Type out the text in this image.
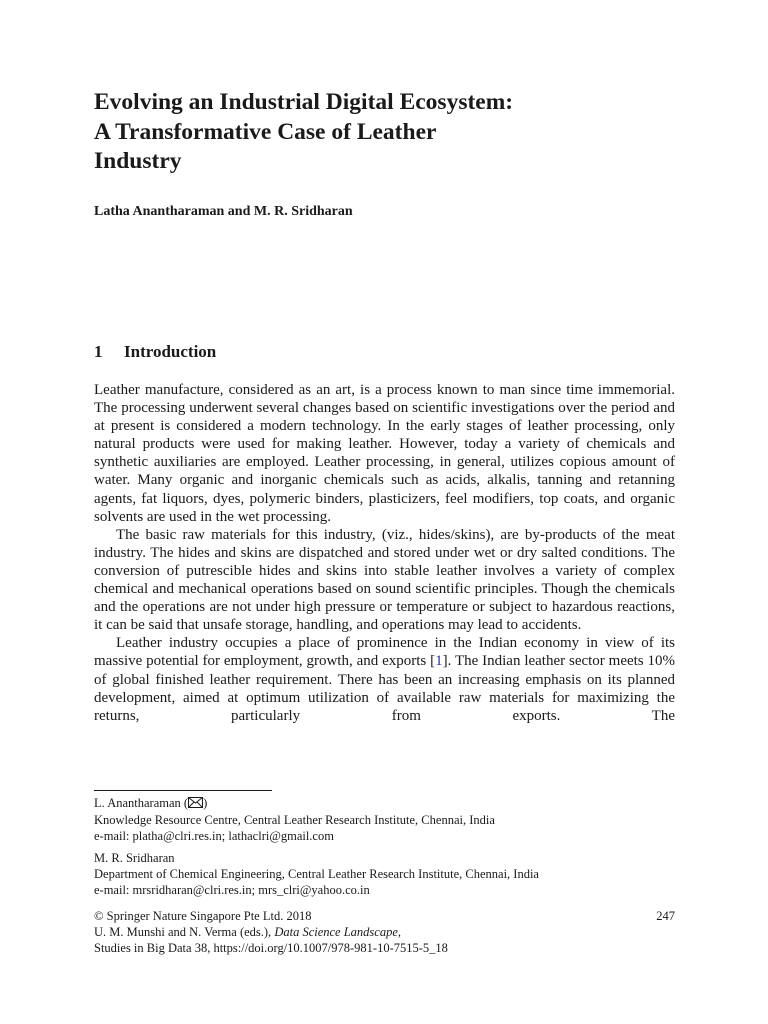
Evolving an Industrial Digital Ecosystem:
A Transformative Case of Leather
Industry

Latha Anantharaman and M. R. Sridharan

1 Introduction

Leather manufacture, considered as an art, is a process known to man since time immemorial. The processing underwent several changes based on scientific investigations over the period and at present is considered a modern technology. In the early stages of leather processing, only natural products were used for making leather. However, today a variety of chemicals and synthetic auxiliaries are employed. Leather processing, in general, utilizes copious amount of water. Many organic and inorganic chemicals such as acids, alkalis, tanning and retanning agents, fat liquors, dyes, polymeric binders, plasticizers, feel modifiers, top coats, and organic solvents are used in the wet processing.

The basic raw materials for this industry, (viz., hides/skins), are by-products of the meat industry. The hides and skins are dispatched and stored under wet or dry salted conditions. The conversion of putrescible hides and skins into stable leather involves a variety of complex chemical and mechanical operations based on sound scientific principles. Though the chemicals and the operations are not under high pressure or temperature or subject to hazardous reactions, it can be said that unsafe storage, handling, and operations may lead to accidents.

Leather industry occupies a place of prominence in the Indian economy in view of its massive potential for employment, growth, and exports [1]. The Indian leather sector meets 10% of global finished leather requirement. There has been an increasing emphasis on its planned development, aimed at optimum utilization of available raw materials for maximizing the returns, particularly from exports. The

L. Anantharaman ( )
Knowledge Resource Centre, Central Leather Research Institute, Chennai, India
e-mail: platha@clri.res.in; lathaclri@gmail.com
M. R. Sridharan
Department of Chemical Engineering, Central Leather Research Institute, Chennai, India
e-mail: mrsridharan@clri.res.in; mrs_clri@yahoo.co.in
© Springer Nature Singapore Pte Ltd. 2018	247
U. M. Munshi and N. Verma (eds.), Data Science Landscape,
Studies in Big Data 38, https://doi.org/10.1007/978-981-10-7515-5_18
